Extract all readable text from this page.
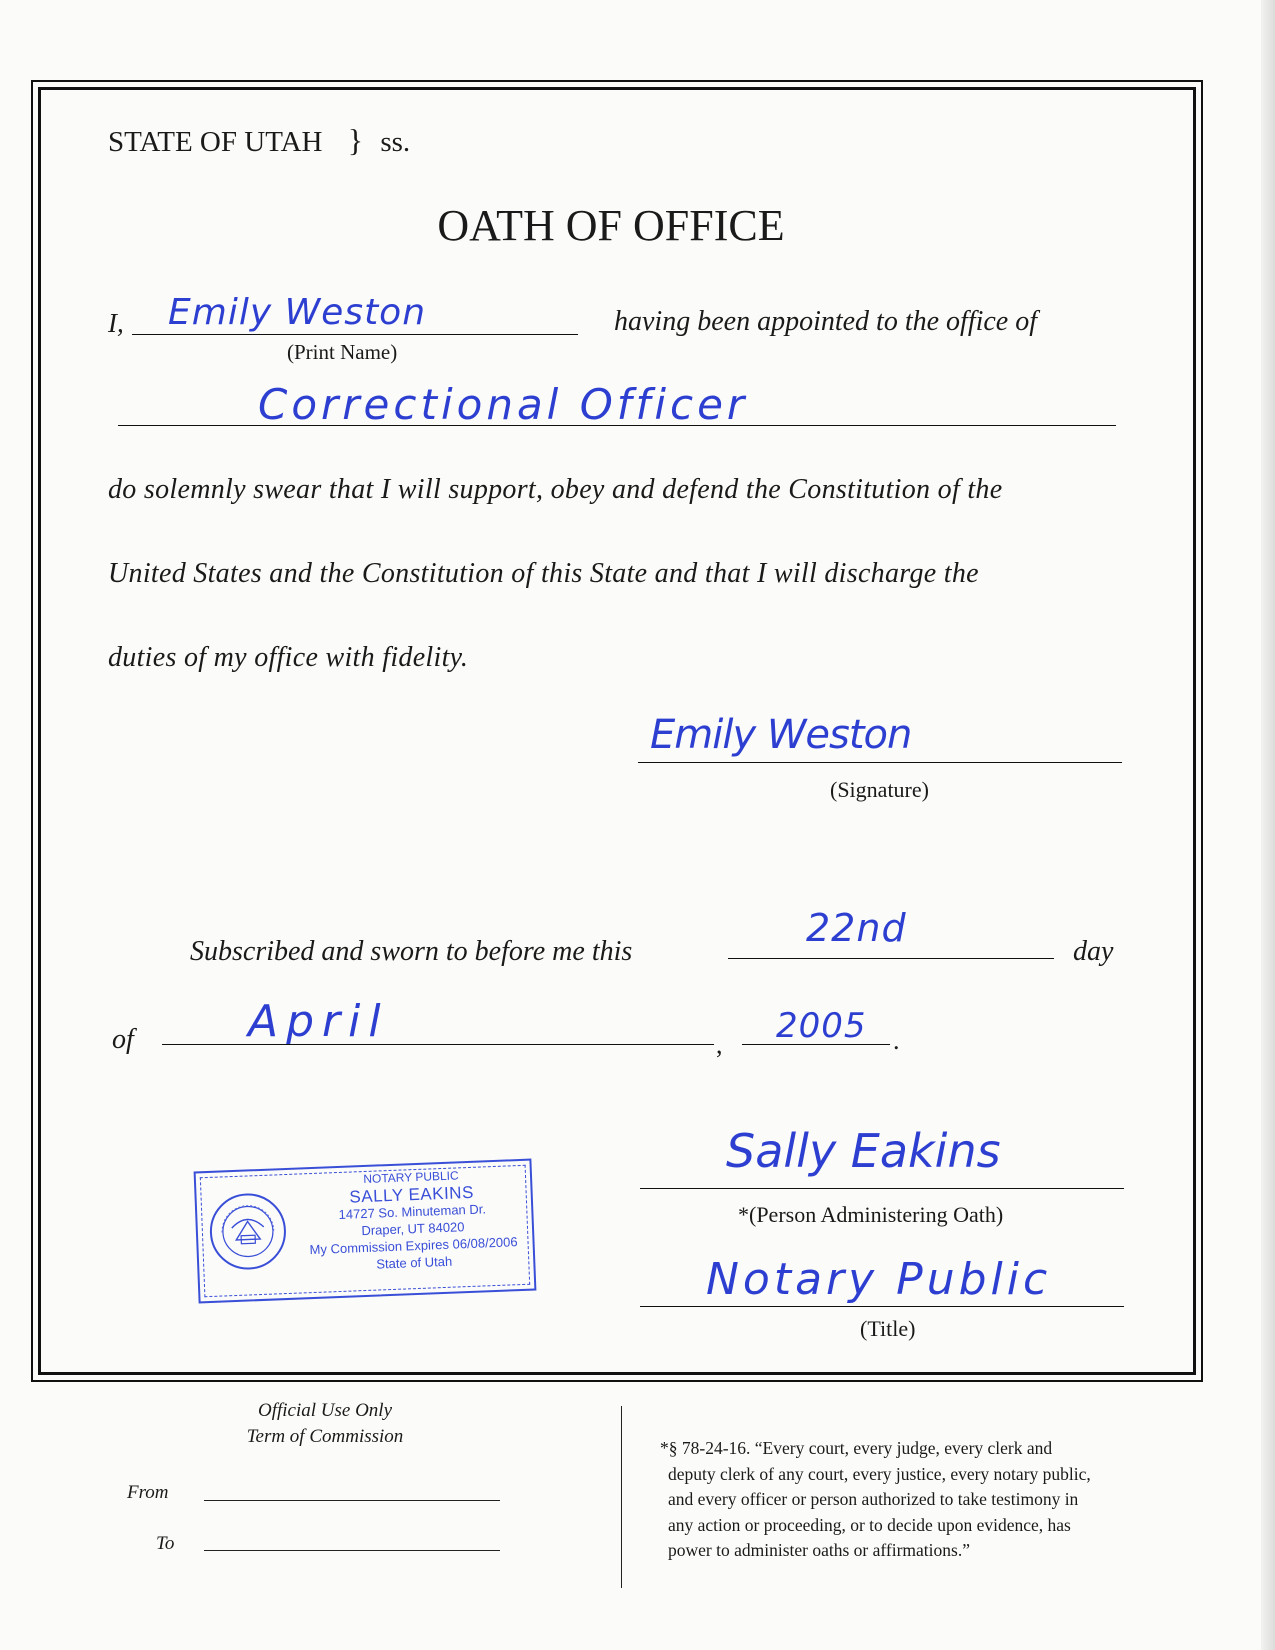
STATE OF UTAH } ss.
OATH OF OFFICE
I, Emily Weston
(Print Name)
having been appointed to the office of
Correctional Officer
do solemnly swear that I will support, obey and defend the Constitution of the
United States and the Constitution of this State and that I will discharge the
duties of my office with fidelity.
Emily Weston
(Signature)
Subscribed and sworn to before me this
22nd
day
of	April	, 2005 .
NOTARY PUBLIC
SALLY EAKINS
14727 So. Minuteman Dr.
Draper, UT 84020
My Commission Expires 06/08/2006
State of Utah
Sally Eakins
*(Person Administering Oath)
Notary Public
(Title)
Official Use Only
Term of Commission
From
To
*§ 78-24-16. “Every court, every judge, every clerk and
deputy clerk of any court, every justice, every notary public,
and every officer or person authorized to take testimony in
any action or proceeding, or to decide upon evidence, has
power to administer oaths or affirmations.”
